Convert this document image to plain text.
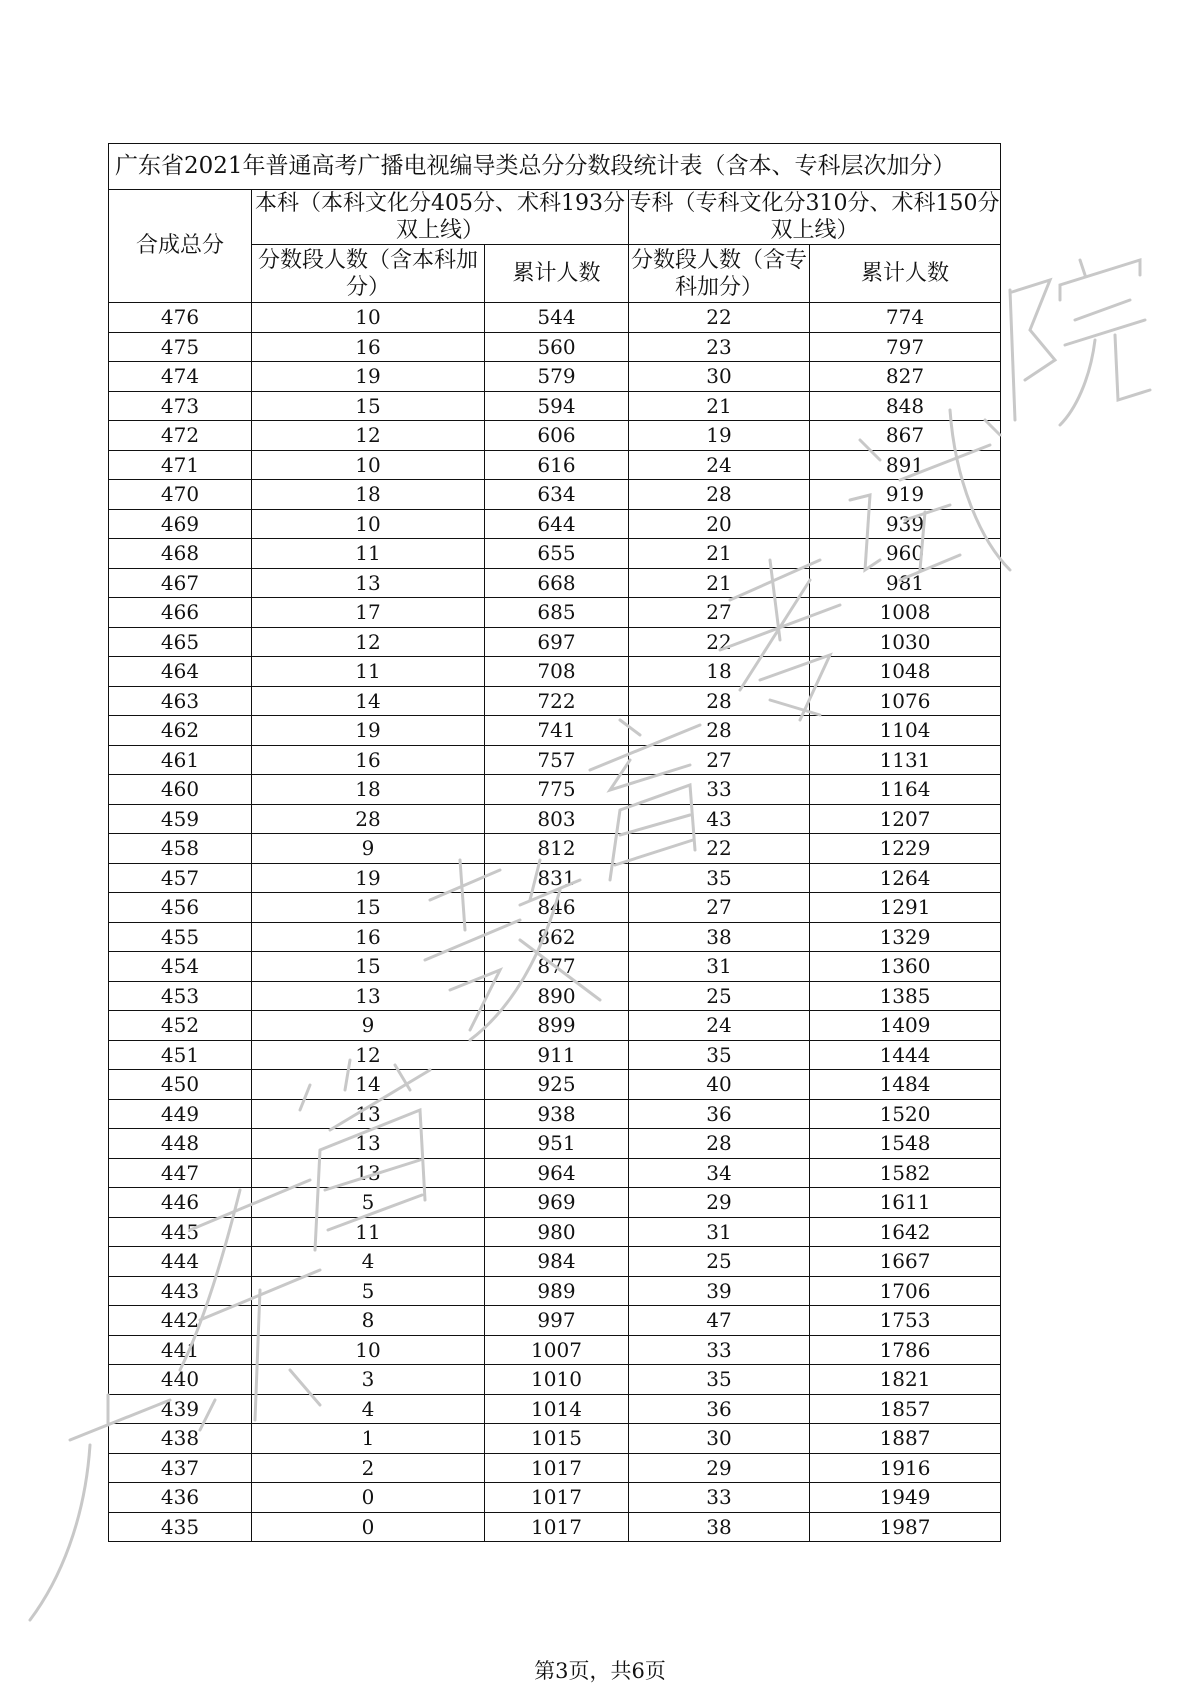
广东省2021年普通高考广播电视编导类总分分数段统计表（含本、专科层次加分）				
合成总分	本科（本科文化分405分、术科193分双上线）		专科（专科文化分310分、术科150分双上线）	
	分数段人数（含本科加分）	累计人数	分数段人数（含专科加分）	累计人数
476	10	544	22	774
475	16	560	23	797
474	19	579	30	827
473	15	594	21	848
472	12	606	19	867
471	10	616	24	891
470	18	634	28	919
469	10	644	20	939
468	11	655	21	960
467	13	668	21	981
466	17	685	27	1008
465	12	697	22	1030
464	11	708	18	1048
463	14	722	28	1076
462	19	741	28	1104
461	16	757	27	1131
460	18	775	33	1164
459	28	803	43	1207
458	9	812	22	1229
457	19	831	35	1264
456	15	846	27	1291
455	16	862	38	1329
454	15	877	31	1360
453	13	890	25	1385
452	9	899	24	1409
451	12	911	35	1444
450	14	925	40	1484
449	13	938	36	1520
448	13	951	28	1548
447	13	964	34	1582
446	5	969	29	1611
445	11	980	31	1642
444	4	984	25	1667
443	5	989	39	1706
442	8	997	47	1753
441	10	1007	33	1786
440	3	1010	35	1821
439	4	1014	36	1857
438	1	1015	30	1887
437	2	1017	29	1916
436	0	1017	33	1949
435	0	1017	38	1987
第3页，共6页
